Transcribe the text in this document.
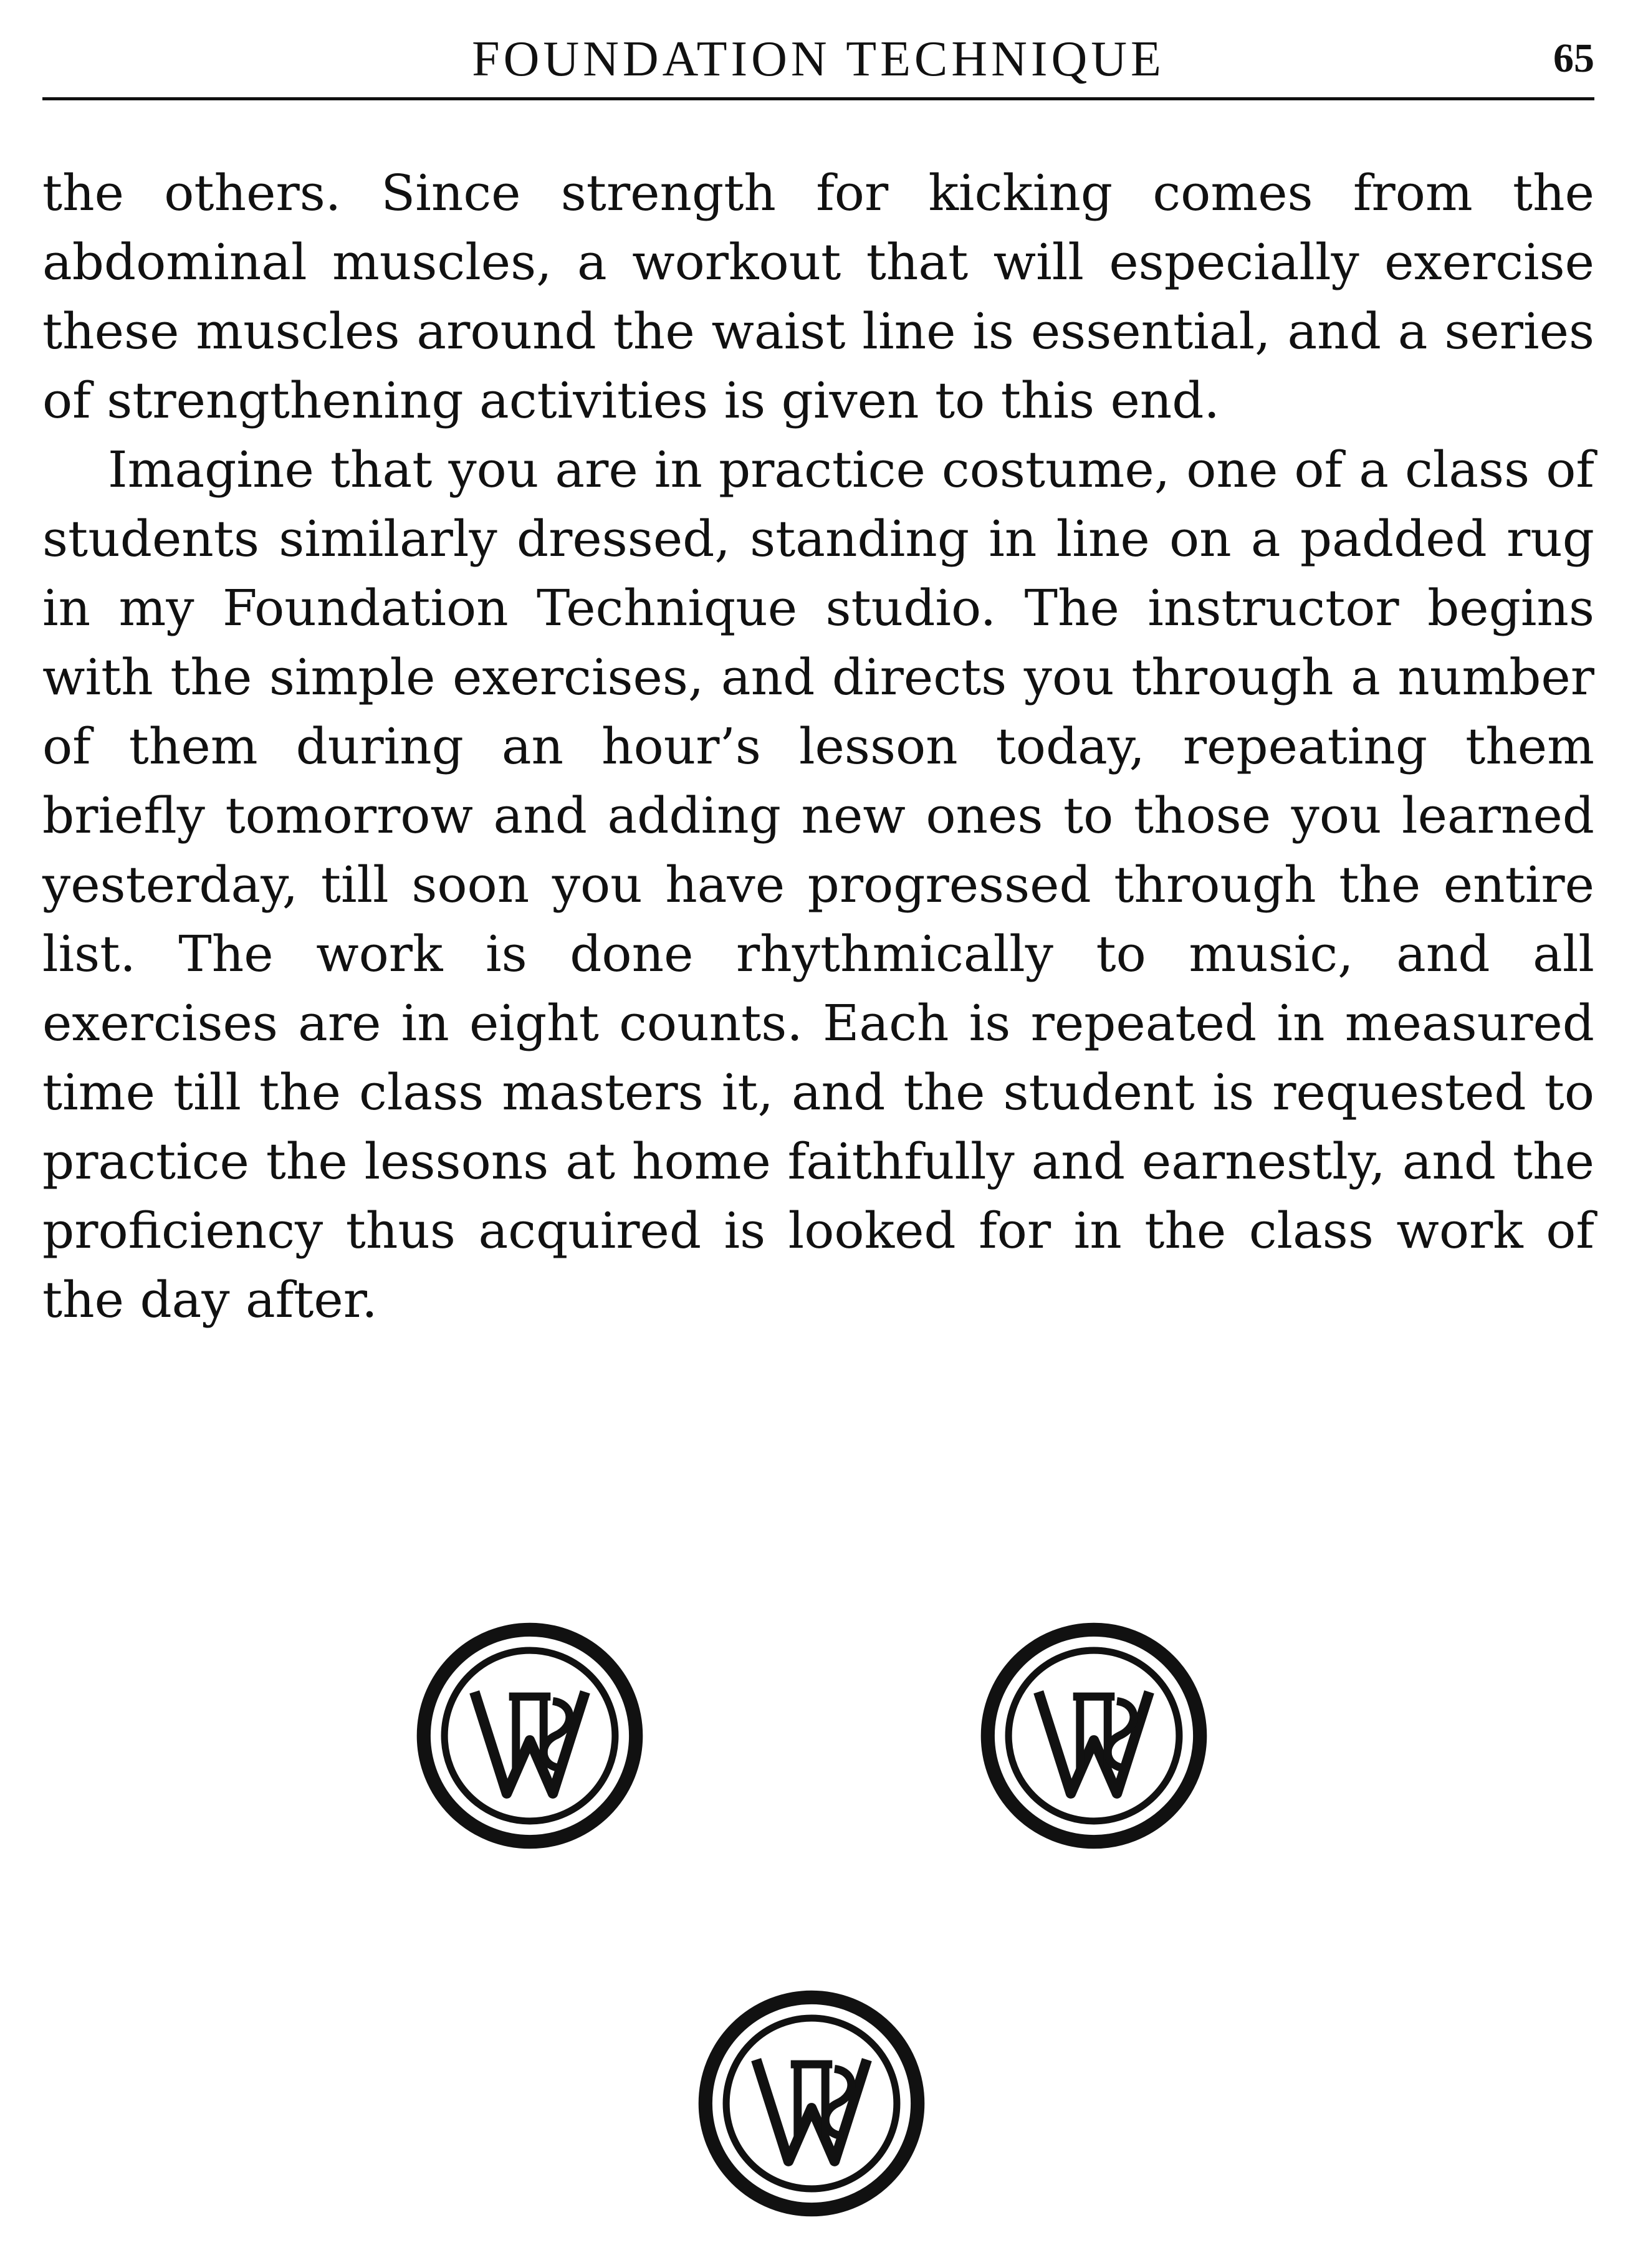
FOUNDATION TECHNIQUE	65

the others. Since strength for kicking comes from the abdominal muscles, a workout that will especially exercise these muscles around the waist line is essential, and a series of strengthening activities is given to this end.

Imagine that you are in practice costume, one of a class of students similarly dressed, standing in line on a padded rug in my Foundation Technique studio. The instructor begins with the simple exercises, and directs you through a number of them during an hour’s lesson today, repeating them briefly tomorrow and adding new ones to those you learned yesterday, till soon you have progressed through the entire list. The work is done rhythmically to music, and all exercises are in eight counts. Each is repeated in measured time till the class masters it, and the student is requested to practice the lessons at home faithfully and earnestly, and the proficiency thus acquired is looked for in the class work of the day after.
